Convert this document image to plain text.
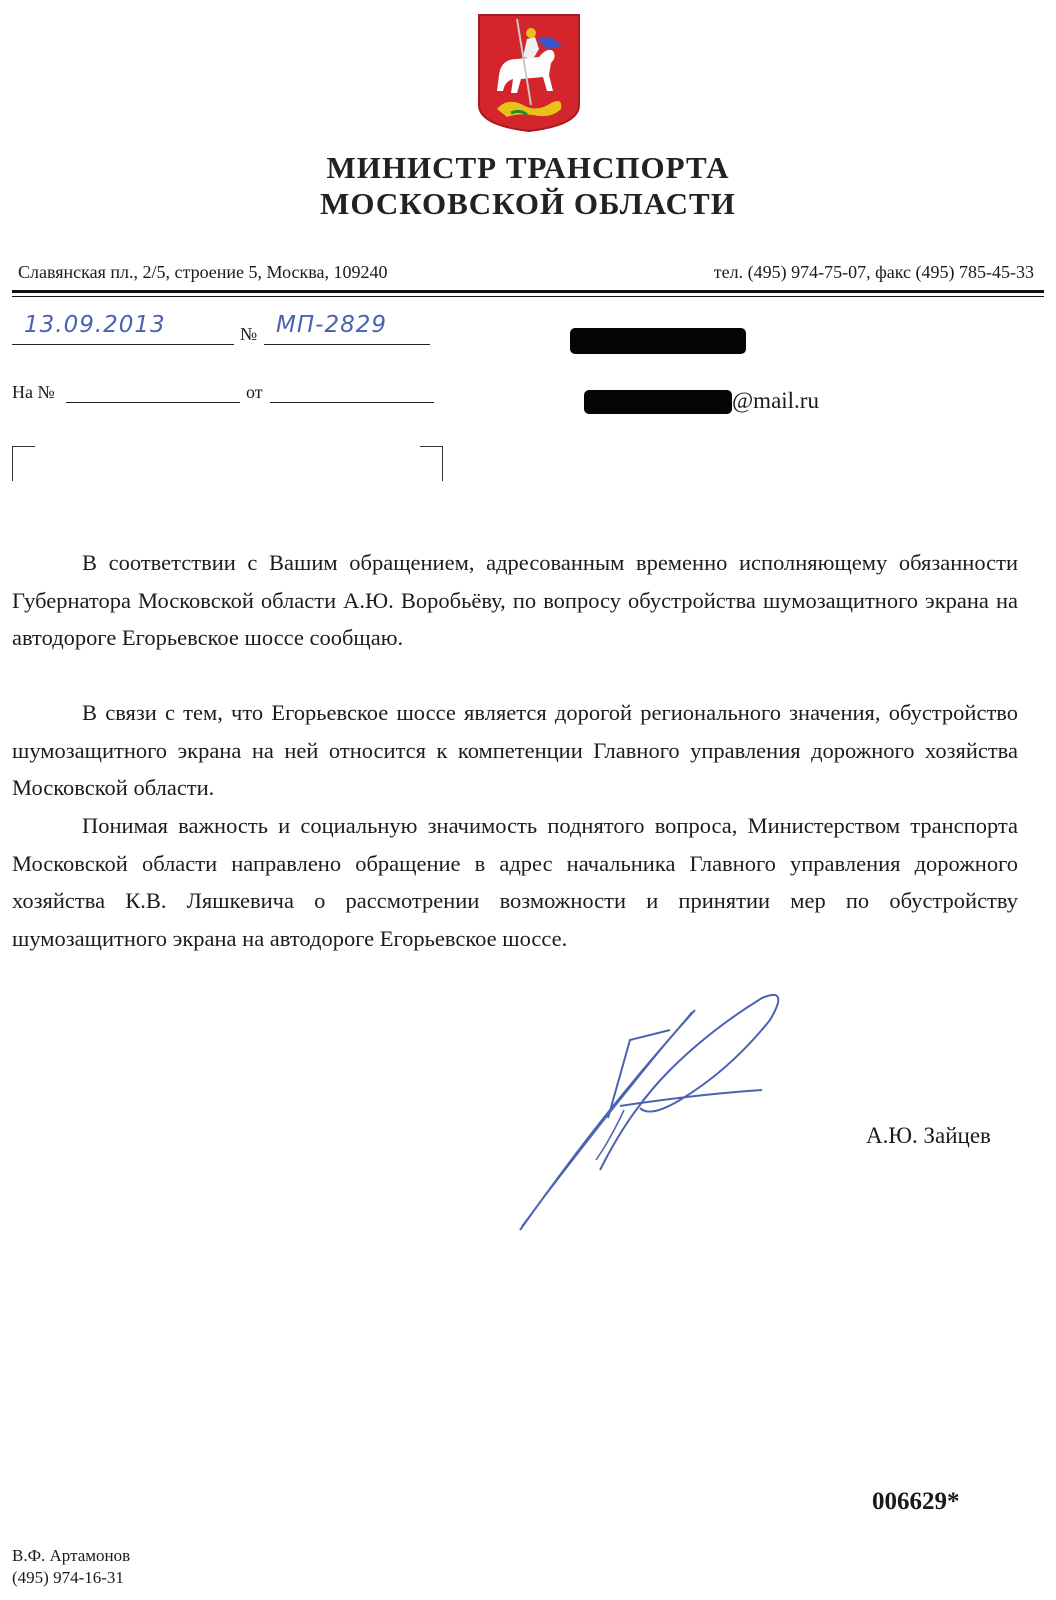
МИНИСТР ТРАНСПОРТА
МОСКОВСКОЙ ОБЛАСТИ
Славянская пл., 2/5, строение 5, Москва, 109240	тел. (495) 974-75-07, факс (495) 785-45-33
13.09.2013	№ МП-2829
На №	от	@mail.ru
В соответствии с Вашим обращением, адресованным временно исполняющему обязанности Губернатора Московской области А.Ю. Воробьёву, по вопросу обустройства шумозащитного экрана на автодороге Егорьевское шоссе сообщаю.
В связи с тем, что Егорьевское шоссе является дорогой регионального значения, обустройство шумозащитного экрана на ней относится к компетенции Главного управления дорожного хозяйства Московской области.
Понимая важность и социальную значимость поднятого вопроса, Министерством транспорта Московской области направлено обращение в адрес начальника Главного управления дорожного хозяйства К.В. Ляшкевича о рассмотрении возможности и принятии мер по обустройству шумозащитного экрана на автодороге Егорьевское шоссе.
А.Ю. Зайцев
006629*
В.Ф. Артамонов
(495) 974-16-31
